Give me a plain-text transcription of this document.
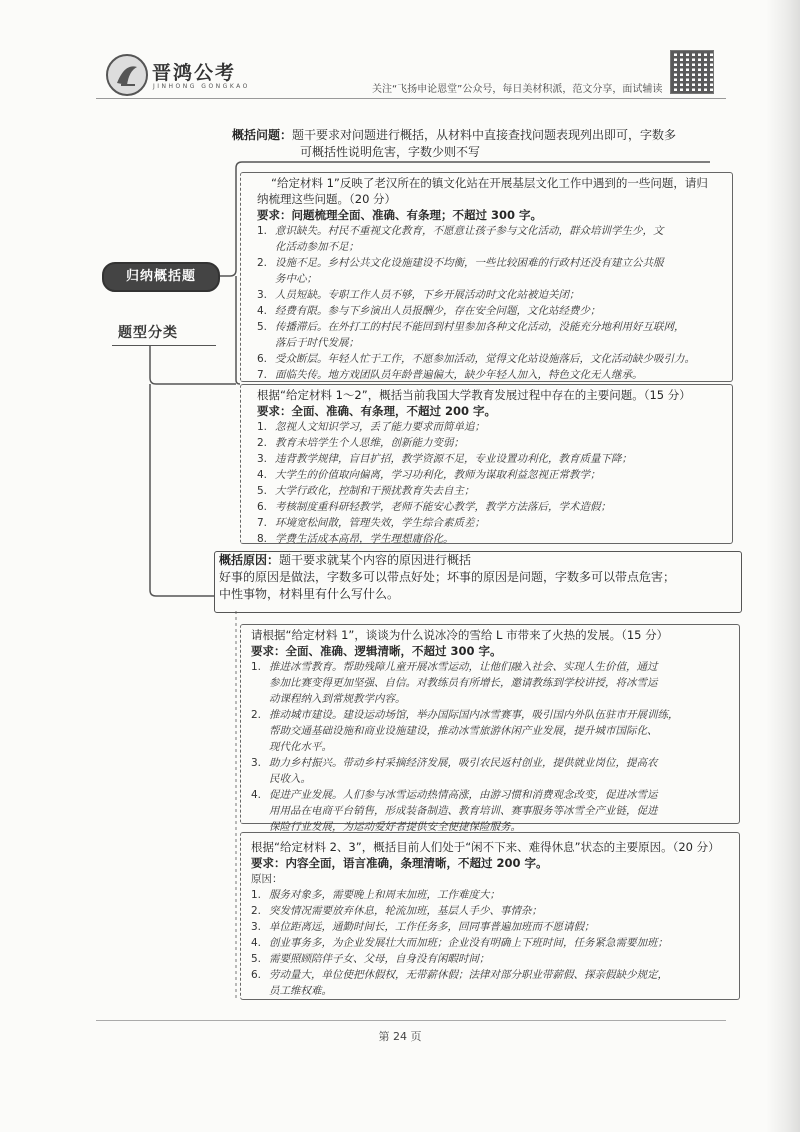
晋鸿公考
JINHONG GONGKAO	关注“飞扬申论恩堂”公众号，每日美材积派，范文分享，面试辅读
概括问题：题干要求对问题进行概括，从材料中直接查找问题表现列出即可，字数多
可概括性说明危害，字数少则不写
归纳概括题
题型分类
“给定材料 1”反映了老汉所在的镇文化站在开展基层文化工作中遇到的一些问题，请归
纳梳理这些问题。（20 分）
要求：问题梳理全面、准确、有条理；不超过 300 字。
1. 意识缺失。村民不重视文化教育，不愿意让孩子参与文化活动，群众培训学生少，文
化活动参加不足；
2. 设施不足。乡村公共文化设施建设不均衡，一些比较困难的行政村还没有建立公共服
务中心；
3. 人员短缺。专职工作人员不够，下乡开展活动时文化站被迫关闭；
4. 经费有限。参与下乡演出人员报酬少，存在安全问题，文化站经费少；
5. 传播滞后。在外打工的村民不能回到村里参加各种文化活动，没能充分地利用好互联网，
落后于时代发展；
6. 受众断层。年轻人忙于工作，不愿参加活动，觉得文化站设施落后，文化活动缺少吸引力。
7. 面临失传。地方戏团队员年龄普遍偏大，缺少年轻人加入，特色文化无人继承。
根据“给定材料 1～2”，概括当前我国大学教育发展过程中存在的主要问题。（15 分）
要求：全面、准确、有条理，不超过 200 字。
1. 忽视人文知识学习，丢了能力要求而简单追；
2. 教育未培学生个人思维，创新能力变弱；
3. 违背教学规律，盲目扩招，教学资源不足，专业设置功利化，教育质量下降；
4. 大学生的价值取向偏离，学习功利化，教师为谋取利益忽视正常教学；
5. 大学行政化，控制和干预扰教育失去自主；
6. 考核制度重科研轻教学，老师不能安心教学，教学方法落后，学术造假；
7. 环境宽松间散，管理失效，学生综合素质差；
8. 学费生活成本高昂，学生理想庸俗化。
概括原因：题干要求就某个内容的原因进行概括
好事的原因是做法，字数多可以带点好处；坏事的原因是问题，字数多可以带点危害；
中性事物，材料里有什么写什么。
请根据“给定材料 1”，谈谈为什么说冰冷的雪给 L 市带来了火热的发展。（15 分）
要求：全面、准确、逻辑清晰，不超过 300 字。
1. 推进冰雪教育。帮助残障儿童开展冰雪运动，让他们融入社会、实现人生价值，通过
参加比赛变得更加坚强、自信。对教练员有所增长，邀请教练到学校讲授，将冰雪运
动课程纳入到常规教学内容。
2. 推动城市建设。建设运动场馆，举办国际国内冰雪赛事，吸引国内外队伍驻市开展训练，
帮助交通基础设施和商业设施建设，推动冰雪旅游休闲产业发展，提升城市国际化、
现代化水平。
3. 助力乡村振兴。带动乡村采摘经济发展，吸引农民返村创业，提供就业岗位，提高农
民收入。
4. 促进产业发展。人们参与冰雪运动热情高涨，由游习惯和消费观念改变，促进冰雪运
用用品在电商平台销售，形成装备制造、教育培训、赛事服务等冰雪全产业链，促进
保险行业发展，为运动爱好者提供安全便捷保险服务。
根据“给定材料 2、3”，概括目前人们处于“闲不下来、难得休息”状态的主要原因。（20 分）
要求：内容全面，语言准确，条理清晰，不超过 200 字。
原因：
1. 服务对象多，需要晚上和周末加班，工作难度大；
2. 突发情况需要放弃休息，轮流加班，基层人手少、事情杂；
3. 单位距离远，通勤时间长，工作任务多，回同事普遍加班而不愿请假；
4. 创业事务多，为企业发展壮大而加班；企业没有明确上下班时间，任务紧急需要加班；
5. 需要照顾陪伴子女、父母，自身没有闲暇时间；
6. 劳动量大，单位使把休假权，无带薪休假；法律对部分职业带薪假、探亲假缺少规定，
员工维权难。
第 24 页
